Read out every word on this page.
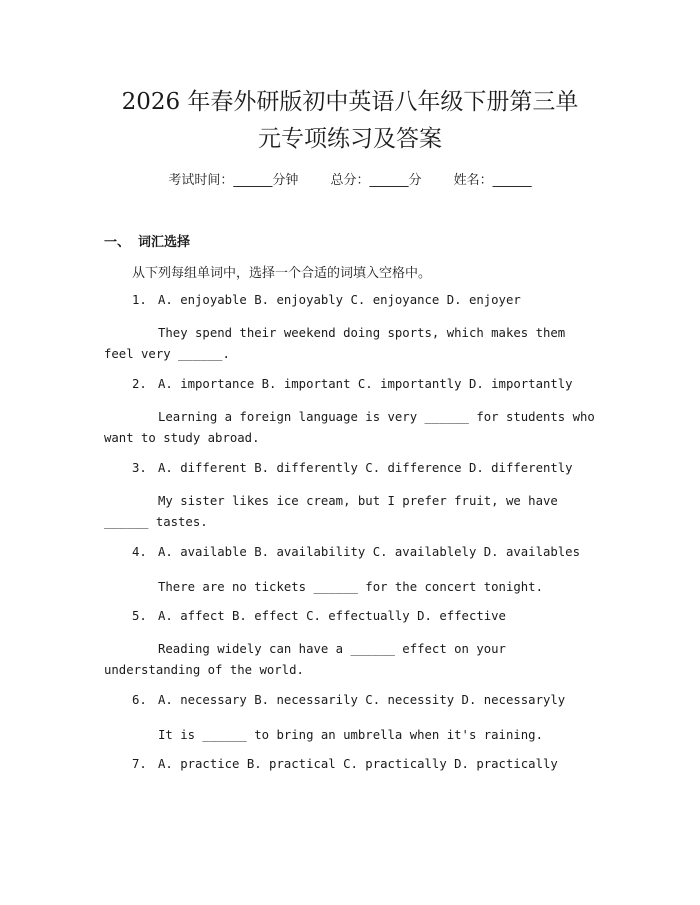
2026 年春外研版初中英语八年级下册第三单
元专项练习及答案
考试时间：______分钟 总分：______分 姓名：______
一、 词汇选择
从下列每组单词中，选择一个合适的词填入空格中。
1. A. enjoyable B. enjoyably C. enjoyance D. enjoyer
They spend their weekend doing sports, which makes them feel very ______.
2. A. importance B. important C. importantly D. importantly
Learning a foreign language is very ______ for students who want to study abroad.
3. A. different B. differently C. difference D. differently
My sister likes ice cream, but I prefer fruit, we have ______ tastes.
4. A. available B. availability C. availablely D. availables
There are no tickets ______ for the concert tonight.
5. A. affect B. effect C. effectually D. effective
Reading widely can have a ______ effect on your understanding of the world.
6. A. necessary B. necessarily C. necessity D. necessaryly
It is ______ to bring an umbrella when it's raining.
7. A. practice B. practical C. practically D. practically
